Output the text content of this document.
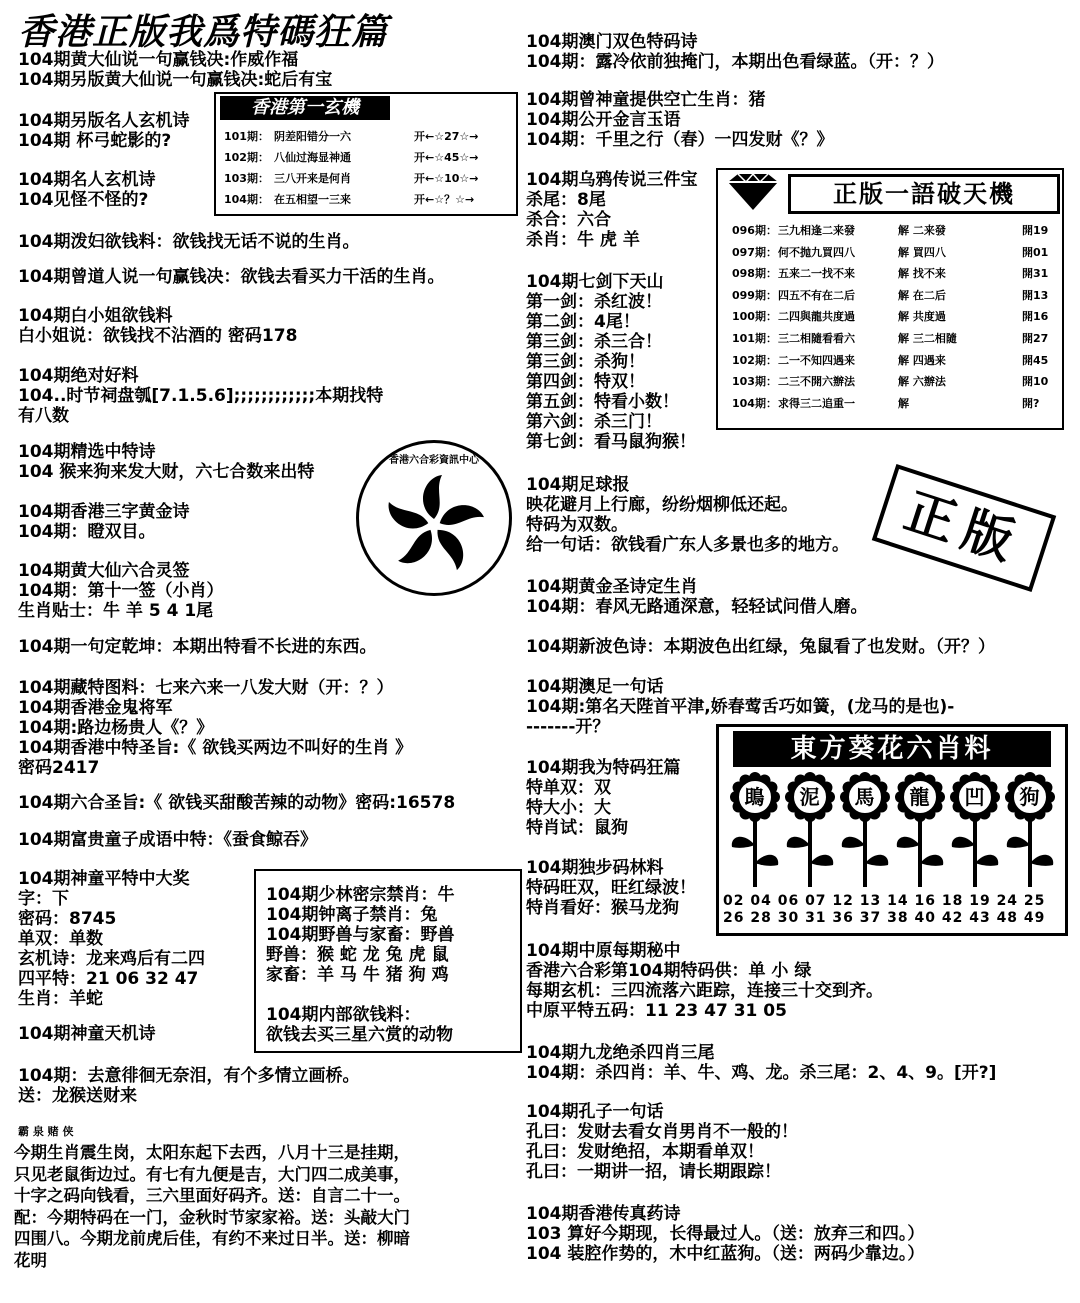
香港正版我爲特碼狂篇
104期黄大仙说一句赢钱决:作威作福
104期另版黄大仙说一句赢钱决:蛇后有宝
104期另版名人玄机诗
104期 杯弓蛇影的?
104期名人玄机诗
104见怪不怪的?
104期泼妇欲钱料：欲钱找无话不说的生肖。
104期曾道人说一句赢钱决：欲钱去看买力干活的生肖。
104期白小姐欲钱料
白小姐说：欲钱找不沾酒的 密码178
104期绝对好料
104..时节祠盘瓠[7.1.5.6];;;;;;;;;;;;本期找特
有八数
104期精选中特诗
104 猴来狗来发大财，六七合数来出特
104期香港三字黄金诗
104期：瞪双目。
104期黄大仙六合灵签
104期：第十一签（小肖）
生肖贴士：牛 羊 5 4 1尾
104期一句定乾坤：本期出特看不长进的东西。
104期藏特图料：七来六来一八发大财（开：？）
104期香港金鬼将军
104期:路边杨贵人《？》
104期香港中特圣旨:《 欲钱买两边不叫好的生肖 》
密码2417
104期六合圣旨:《 欲钱买甜酸苦辣的动物》密码:16578
104期富贵童子成语中特：《蚕食鲸吞》
104期神童平特中大奖
字：下
密码：8745
单双：单数
玄机诗：龙来鸡后有二四
四平特：21 06 32 47
生肖：羊蛇
104期神童天机诗
104期：去意徘徊无奈泪，有个多情立画桥。
送：龙猴送财来
霸 泉 赌 侠
今期生肖震生岗，太阳东起下去西，八月十三是挂期，
只见老鼠街边过。有七有九便是吉，大门四二成美事，
十字之码向钱看，三六里面好码齐。送：自言二十一。
配：今期特码在一门，金秋时节家家裕。送：头敲大门
四围八。今期龙前虎后佳，有约不来过日半。送：柳暗
花明
香港第一玄機
101期： 阴差阳错分一六	开←☆27☆→
102期： 八仙过海显神通	开←☆45☆→
103期： 三八开来是何肖	开←☆10☆→
104期： 在五相望一三来	开←☆？☆→
香港六合彩資訊中心
104期少林密宗禁肖：牛
104期钟离子禁肖：兔
104期野兽与家畜：野兽
野兽：猴 蛇 龙 兔 虎 鼠
家畜：羊 马 牛 猪 狗 鸡
104期内部欲钱料：
欲钱去买三星六赏的动物
104期澳门双色特码诗
104期：露冷依前独掩门，本期出色看绿蓝。（开：？）
104期曾神童提供空亡生肖：猪
104期公开金言玉语
104期：千里之行（春）一四发财《？》
104期乌鸦传说三件宝
杀尾：8尾
杀合：六合
杀肖：牛 虎 羊
104期七剑下天山
第一剑：杀红波！
第二剑：4尾！
第三剑：杀三合！
第三剑：杀狗！
第四剑：特双！
第五剑：特看小数！
第六剑：杀三门！
第七剑：看马鼠狗猴！
104期足球报
映花避月上行廊，纷纷烟柳低还起。
特码为双数。
给一句话：欲钱看广东人多景也多的地方。
104期黄金圣诗定生肖
104期：春风无路通深意，轻轻试问借人磨。
104期新波色诗：本期波色出红绿，兔鼠看了也发财。（开？）
104期澳足一句话
104期:第名天陛首平津,娇春莺舌巧如簧，(龙马的是也)-
-------开？
104期我为特码狂篇
特单双：双
特大小：大
特肖试：鼠狗
104期独步码林料
特码旺双，旺红绿波！
特肖看好：猴马龙狗
104期中原每期秘中
香港六合彩第104期特码供：单 小 绿
每期玄机：三四流落六距踪，连接三十交到齐。
中原平特五码：11 23 47 31 05
104期九龙绝杀四肖三尾
104期：杀四肖：羊、牛、鸡、龙。杀三尾：2、4、9。[开?]
104期孔子一句话
孔曰：发财去看女肖男肖不一般的！
孔曰：发财绝招，本期看单双！
孔曰：一期讲一招，请长期跟踪！
104期香港传真药诗
103 算好今期现，长得最过人。（送：放弃三和四。）
104 装腔作势的，木中红蓝狗。（送：两码少靠边。）
正版一語破天機
096期： 三九相逢二来發	解 二来發	開19
097期： 何不抛九買四八	解 買四八	開01
098期： 五来二一找不来	解 找不来	開31
099期： 四五不有在二后	解 在二后	開13
100期： 二四與龍共度過	解 共度過	開16
101期： 三二相隨看看六	解 三二相隨	開27
102期： 二一不知四遇来	解 四遇来	開45
103期： 二三不開六辦法	解 六辦法	開10
104期： 求得三二追重一	解	開?
正版
東方葵花六肖料
鴡	泥	馬	龍	凹	狗
02 04 06 07 12 13 14 16 18 19 24 25
26 28 30 31 36 37 38 40 42 43 48 49
